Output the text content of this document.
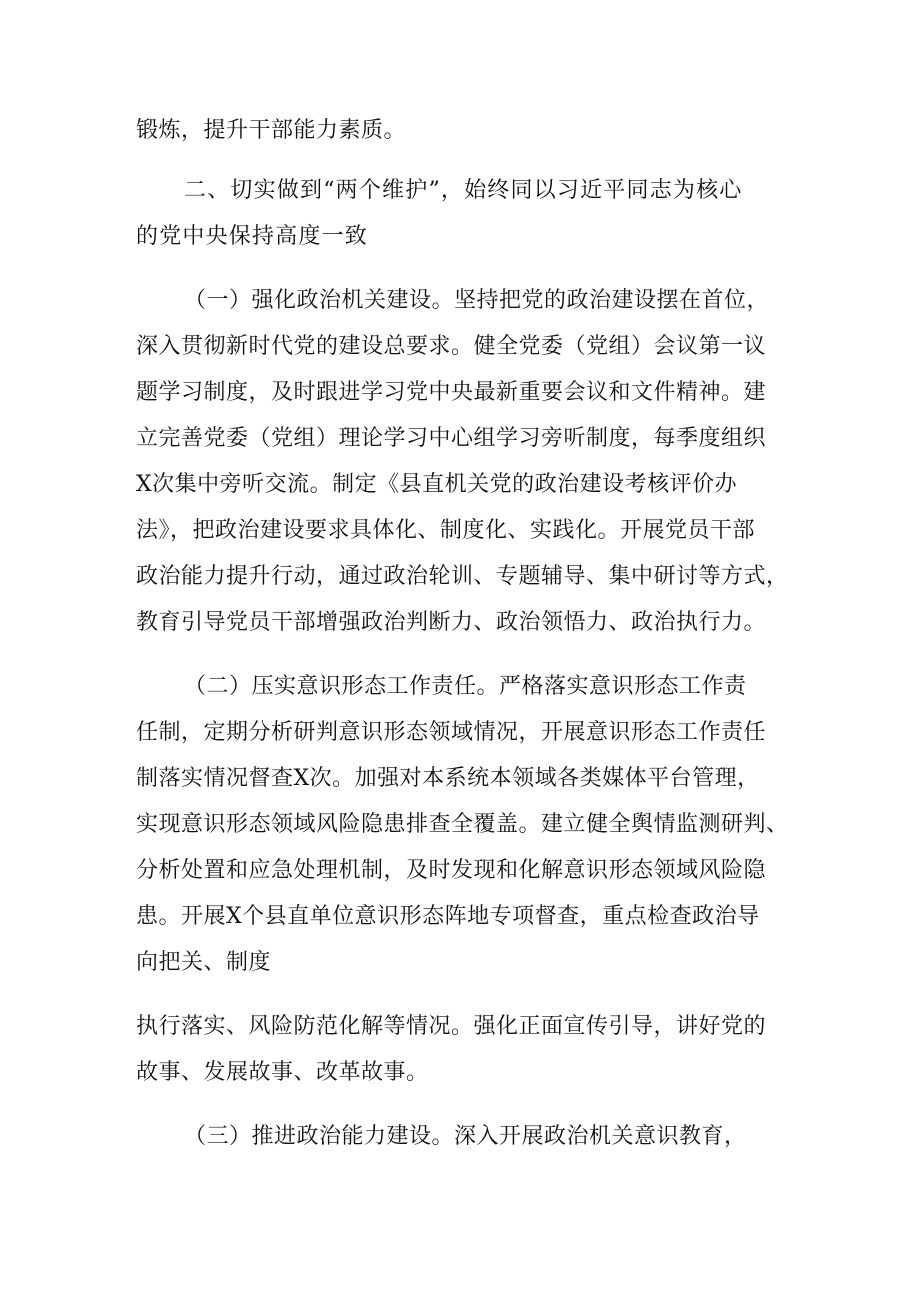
锻炼，提升干部能力素质。
二、切实做到“两个维护”，始终同以习近平同志为核心
的党中央保持高度一致
（一）强化政治机关建设。坚持把党的政治建设摆在首位，
深入贯彻新时代党的建设总要求。健全党委（党组）会议第一议
题学习制度，及时跟进学习党中央最新重要会议和文件精神。建
立完善党委（党组）理论学习中心组学习旁听制度，每季度组织
X次集中旁听交流。制定《县直机关党的政治建设考核评价办
法》，把政治建设要求具体化、制度化、实践化。开展党员干部
政治能力提升行动，通过政治轮训、专题辅导、集中研讨等方式，
教育引导党员干部增强政治判断力、政治领悟力、政治执行力。
（二）压实意识形态工作责任。严格落实意识形态工作责
任制，定期分析研判意识形态领域情况，开展意识形态工作责任
制落实情况督查X次。加强对本系统本领域各类媒体平台管理，
实现意识形态领域风险隐患排查全覆盖。建立健全舆情监测研判、
分析处置和应急处理机制，及时发现和化解意识形态领域风险隐
患。开展X个县直单位意识形态阵地专项督查，重点检查政治导
向把关、制度
执行落实、风险防范化解等情况。强化正面宣传引导，讲好党的
故事、发展故事、改革故事。
（三）推进政治能力建设。深入开展政治机关意识教育，
